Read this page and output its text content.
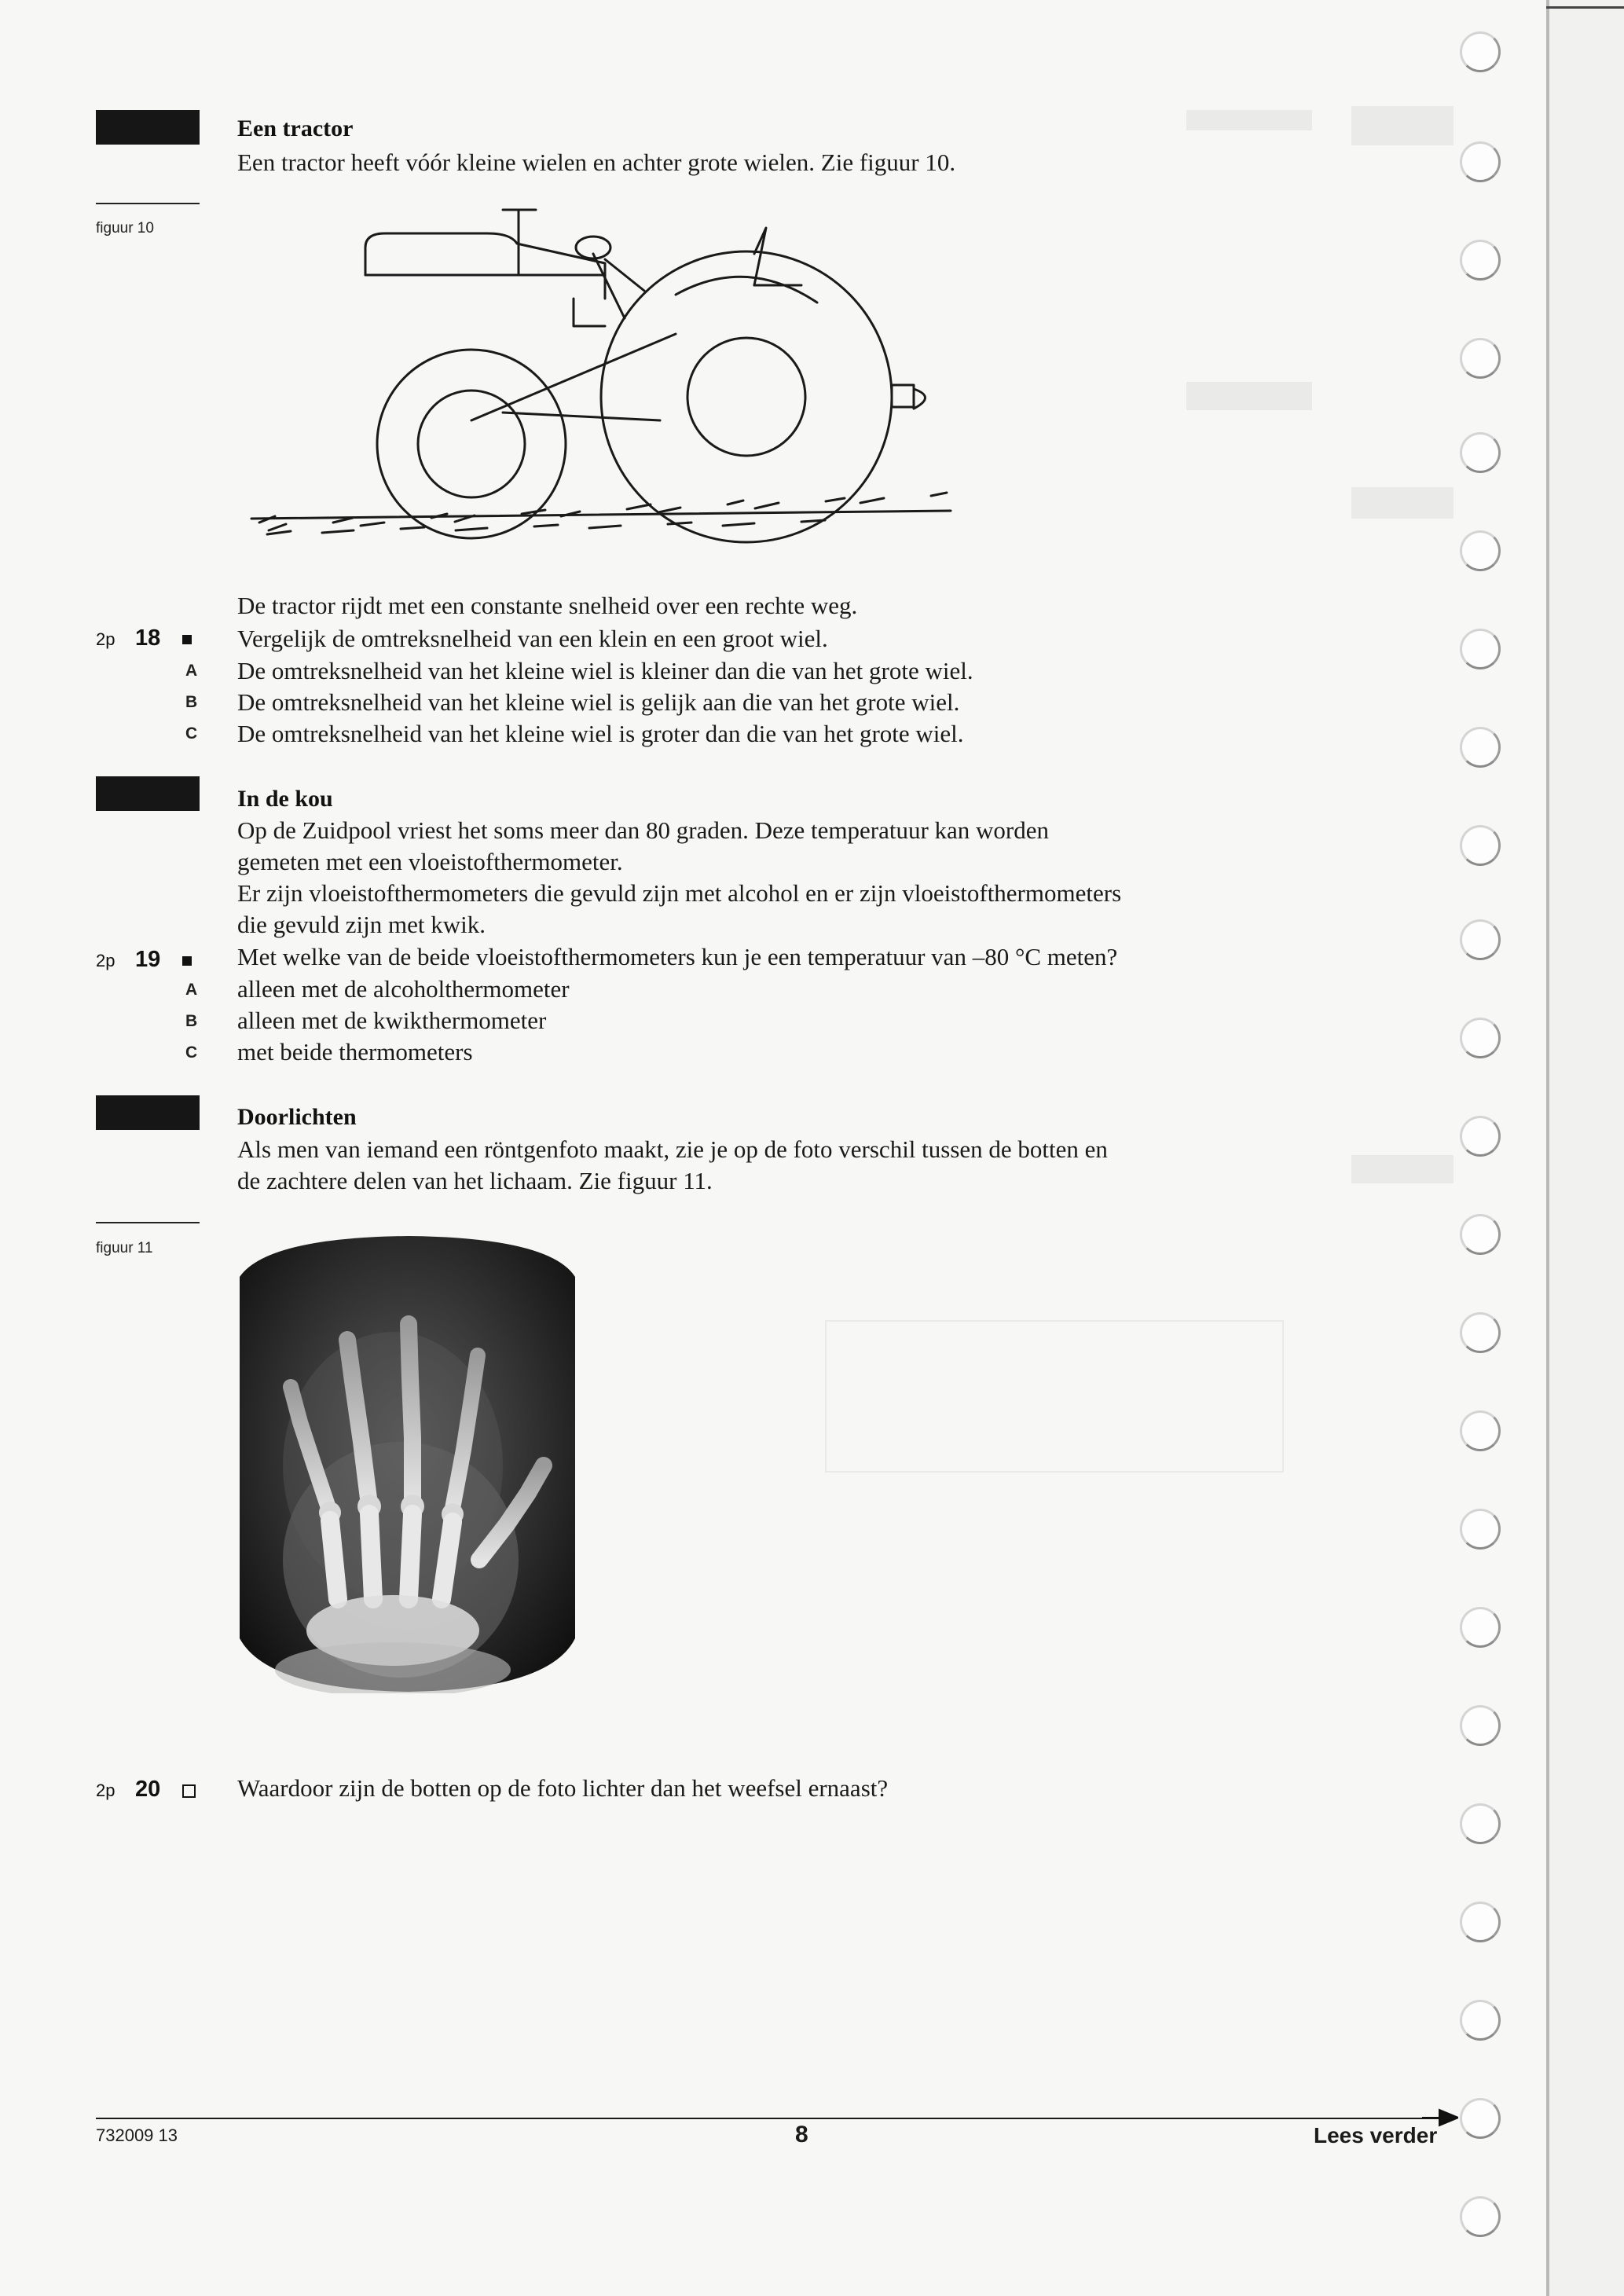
Een tractor
Een tractor heeft vóór kleine wielen en achter grote wielen. Zie figuur 10.
figuur 10
De tractor rijdt met een constante snelheid over een rechte weg.
2p 18	Vergelijk de omtreksnelheid van een klein en een groot wiel.
A De omtreksnelheid van het kleine wiel is kleiner dan die van het grote wiel.
B De omtreksnelheid van het kleine wiel is gelijk aan die van het grote wiel.
C De omtreksnelheid van het kleine wiel is groter dan die van het grote wiel.
In de kou
Op de Zuidpool vriest het soms meer dan 80 graden. Deze temperatuur kan worden
gemeten met een vloeistofthermometer.
Er zijn vloeistofthermometers die gevuld zijn met alcohol en er zijn vloeistofthermometers
die gevuld zijn met kwik.
2p 19	Met welke van de beide vloeistofthermometers kun je een temperatuur van –80 °C meten?
A alleen met de alcoholthermometer
B alleen met de kwikthermometer
C met beide thermometers
Doorlichten
Als men van iemand een röntgenfoto maakt, zie je op de foto verschil tussen de botten en
de zachtere delen van het lichaam. Zie figuur 11.
figuur 11
2p 20	Waardoor zijn de botten op de foto lichter dan het weefsel ernaast?
732009 13	8	Lees verder
